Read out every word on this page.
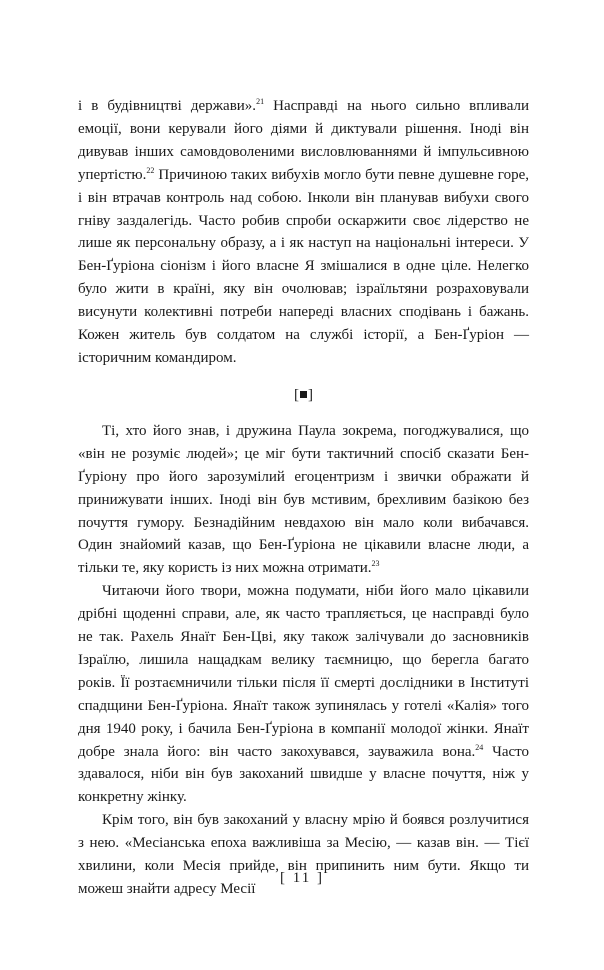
і в будівництві держави».$^{21}$ Насправді на нього сильно впливали емоції, вони керували його діями й диктували рішення. Іноді він дивував інших самовдоволеними висловлюваннями й імпульсивною упертістю.$^{22}$ Причиною таких вибухів могло бути певне душевне горе, і він втрачав контроль над собою. Інколи він планував вибухи свого гніву заздалегідь. Часто робив спроби оскаржити своє лідерство не лише як персональну образу, а і як наступ на національні інтереси. У Бен-Ґуріона сіонізм і його власне Я змішалися в одне ціле. Нелегко було жити в країні, яку він очолював; ізраїльтяни розраховували висунути колективні потреби напереді власних сподівань і бажань. Кожен житель був солдатом на службі історії, а Бен-Ґуріон — історичним командиром.

[ ]

Ті, хто його знав, і дружина Паула зокрема, погоджувалися, що «він не розуміє людей»; це міг бути тактичний спосіб сказати Бен-Ґуріону про його зарозумілий егоцентризм і звички ображати й принижувати інших. Іноді він був мстивим, брехливим базікою без почуття гумору. Безнадійним невдахою він мало коли вибачався. Один знайомий казав, що Бен-Ґуріона не цікавили власне люди, а тільки те, яку користь із них можна отримати.$^{23}$

Читаючи його твори, можна подумати, ніби його мало цікавили дрібні щоденні справи, але, як часто трапляється, це насправді було не так. Рахель Янаїт Бен-Цві, яку також залічували до засновників Ізраїлю, лишила нащадкам велику таємницю, що берегла багато років. Її розтаємничили тільки після її смерті дослідники в Інституті спадщини Бен-Ґуріона. Янаїт також зупинялась у готелі «Калія» того дня 1940 року, і бачила Бен-Ґуріона в компанії молодої жінки. Янаїт добре знала його: він часто закохувався, зауважила вона.$^{24}$ Часто здавалося, ніби він був закоханий швидше у власне почуття, ніж у конкретну жінку.

Крім того, він був закоханий у власну мрію й боявся розлучитися з нею. «Месіанська епоха важливіша за Месію, — казав він. — Тієї хвилини, коли Месія прийде, він припинить ним бути. Якщо ти можеш знайти адресу Месії

[ 11 ]
